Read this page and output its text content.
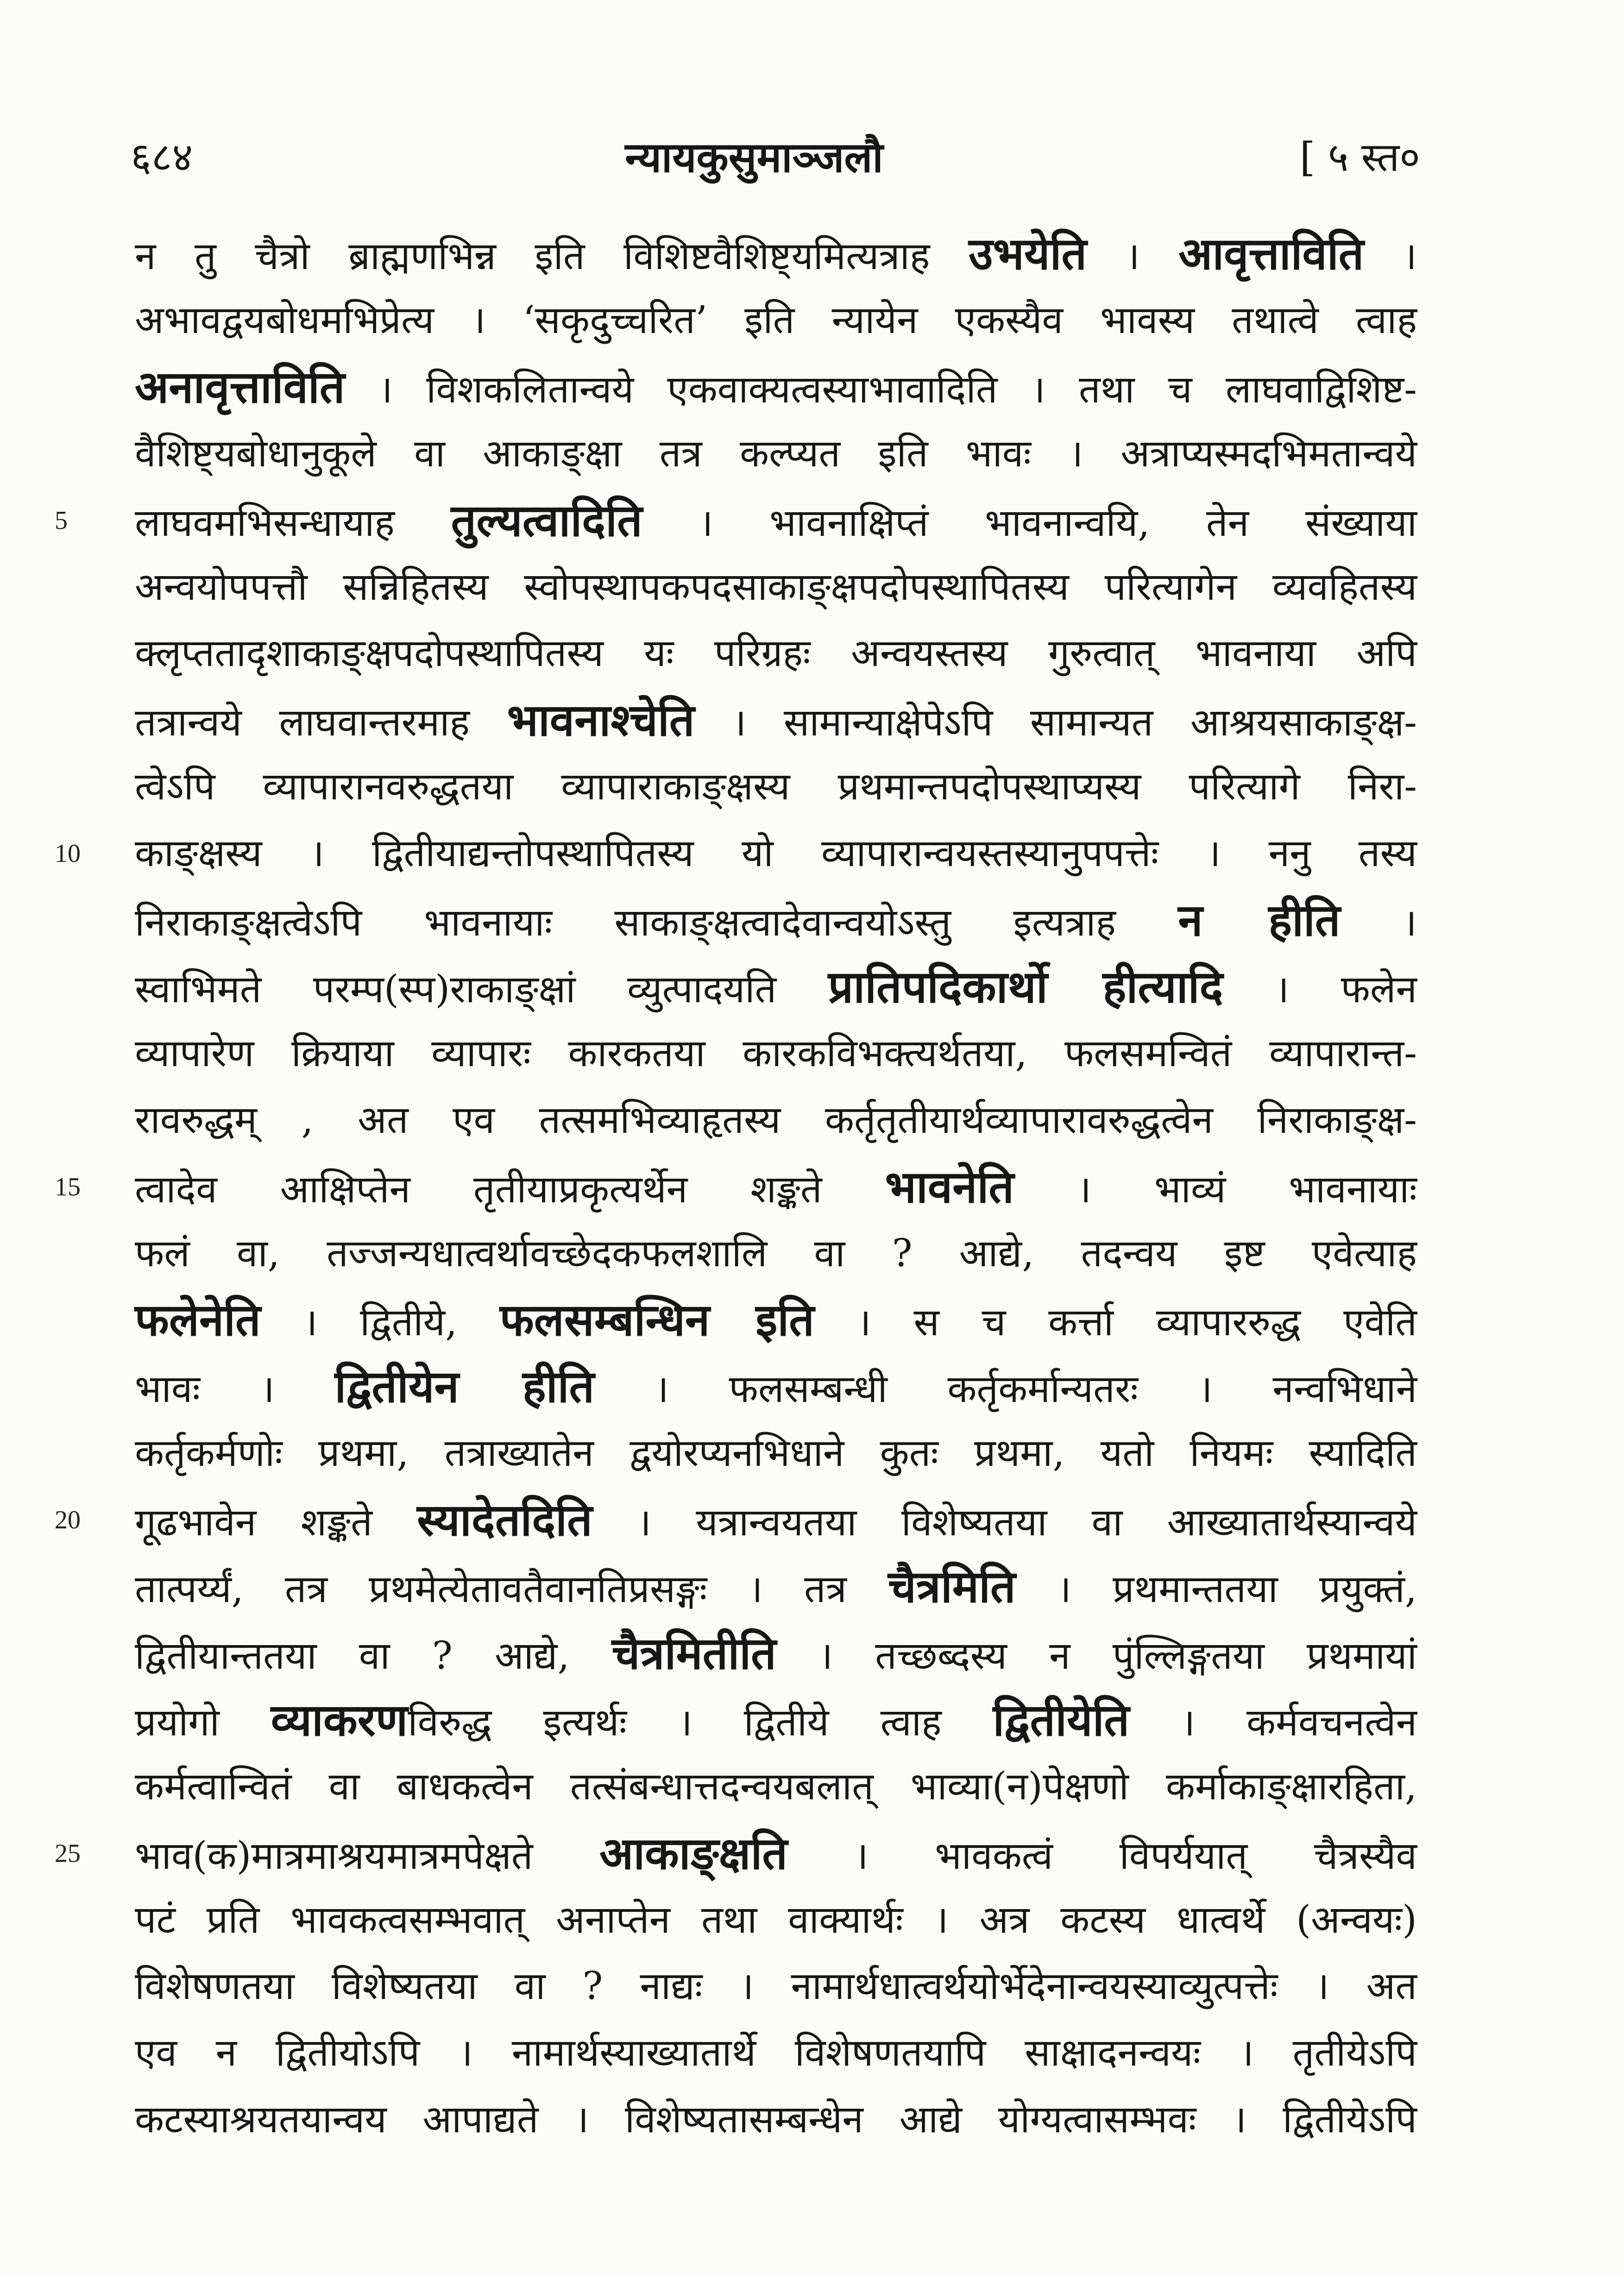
६८४	न्यायकुसुमाञ्जलौ	[ ५ स्त०
न तु चैत्रो ब्राह्मणभिन्न इति विशिष्टवैशिष्ट्यमित्यत्राह उभयेति । आवृत्ताविति ।
अभावद्वयबोधमभिप्रेत्य । ‘सकृदुच्चरित’ इति न्यायेन एकस्यैव भावस्य तथात्वे त्वाह
अनावृत्ताविति । विशकलितान्वये एकवाक्यत्वस्याभावादिति । तथा च लाघवाद्विशिष्ट-
वैशिष्ट्यबोधानुकूले वा आकाङ्क्षा तत्र कल्प्यत इति भावः । अत्राप्यस्मदभिमतान्वये
5 लाघवमभिसन्धायाह तुल्यत्वादिति । भावनाक्षिप्तं भावनान्वयि, तेन संख्याया
अन्वयोपपत्तौ सन्निहितस्य स्वोपस्थापकपदसाकाङ्क्षपदोपस्थापितस्य परित्यागेन व्यवहितस्य
क्लृप्ततादृशाकाङ्क्षपदोपस्थापितस्य यः परिग्रहः अन्वयस्तस्य गुरुत्वात् भावनाया अपि
तत्रान्वये लाघवान्तरमाह भावनाश्चेति । सामान्याक्षेपेऽपि सामान्यत आश्रयसाकाङ्क्ष-
त्वेऽपि व्यापारानवरुद्धतया व्यापाराकाङ्क्षस्य प्रथमान्तपदोपस्थाप्यस्य परित्यागे निरा-
10 काङ्क्षस्य । द्वितीयाद्यन्तोपस्थापितस्य यो व्यापारान्वयस्तस्यानुपपत्तेः । ननु तस्य
निराकाङ्क्षत्वेऽपि भावनायाः साकाङ्क्षत्वादेवान्वयोऽस्तु इत्यत्राह न हीति ।
स्वाभिमते परम्प(स्प)राकाङ्क्षां व्युत्पादयति प्रातिपदिकार्थो हीत्यादि । फलेन
व्यापारेण क्रियाया व्यापारः कारकतया कारकविभक्त्यर्थतया, फलसमन्वितं व्यापारान्त-
रावरुद्धम् , अत एव तत्समभिव्याहृतस्य कर्तृतृतीयार्थव्यापारावरुद्धत्वेन निराकाङ्क्ष-
15 त्वादेव आक्षिप्तेन तृतीयाप्रकृत्यर्थेन शङ्कते भावनेति । भाव्यं भावनायाः
फलं वा, तज्जन्यधात्वर्थावच्छेदकफलशालि वा ? आद्ये, तदन्वय इष्ट एवेत्याह
फलेनेति । द्वितीये, फलसम्बन्धिन इति । स च कर्त्ता व्यापाररुद्ध एवेति
भावः । द्वितीयेन हीति । फलसम्बन्धी कर्तृकर्मान्यतरः । नन्वभिधाने
कर्तृकर्मणोः प्रथमा, तत्राख्यातेन द्वयोरप्यनभिधाने कुतः प्रथमा, यतो नियमः स्यादिति
20 गूढभावेन शङ्कते स्यादेतदिति । यत्रान्वयतया विशेष्यतया वा आख्यातार्थस्यान्वये
तात्पर्य्यं, तत्र प्रथमेत्येतावतैवानतिप्रसङ्गः । तत्र चैत्रमिति । प्रथमान्ततया प्रयुक्तं,
द्वितीयान्ततया वा ? आद्ये, चैत्रमितीति । तच्छब्दस्य न पुंल्लिङ्गतया प्रथमायां
प्रयोगो व्याकरणविरुद्ध इत्यर्थः । द्वितीये त्वाह द्वितीयेति । कर्मवचनत्वेन
कर्मत्वान्वितं वा बाधकत्वेन तत्संबन्धात्तदन्वयबलात् भाव्या(न)पेक्षणो कर्माकाङ्क्षारहिता,
25 भाव(क)मात्रमाश्रयमात्रमपेक्षते आकाङ्क्षति । भावकत्वं विपर्ययात् चैत्रस्यैव
पटं प्रति भावकत्वसम्भवात् अनाप्तेन तथा वाक्यार्थः । अत्र कटस्य धात्वर्थे (अन्वयः)
विशेषणतया विशेष्यतया वा ? नाद्यः । नामार्थधात्वर्थयोर्भेदेनान्वयस्याव्युत्पत्तेः । अत
एव न द्वितीयोऽपि । नामार्थस्याख्यातार्थे विशेषणतयापि साक्षादनन्वयः । तृतीयेऽपि
कटस्याश्रयतयान्वय आपाद्यते । विशेष्यतासम्बन्धेन आद्ये योग्यत्वासम्भवः । द्वितीयेऽपि
